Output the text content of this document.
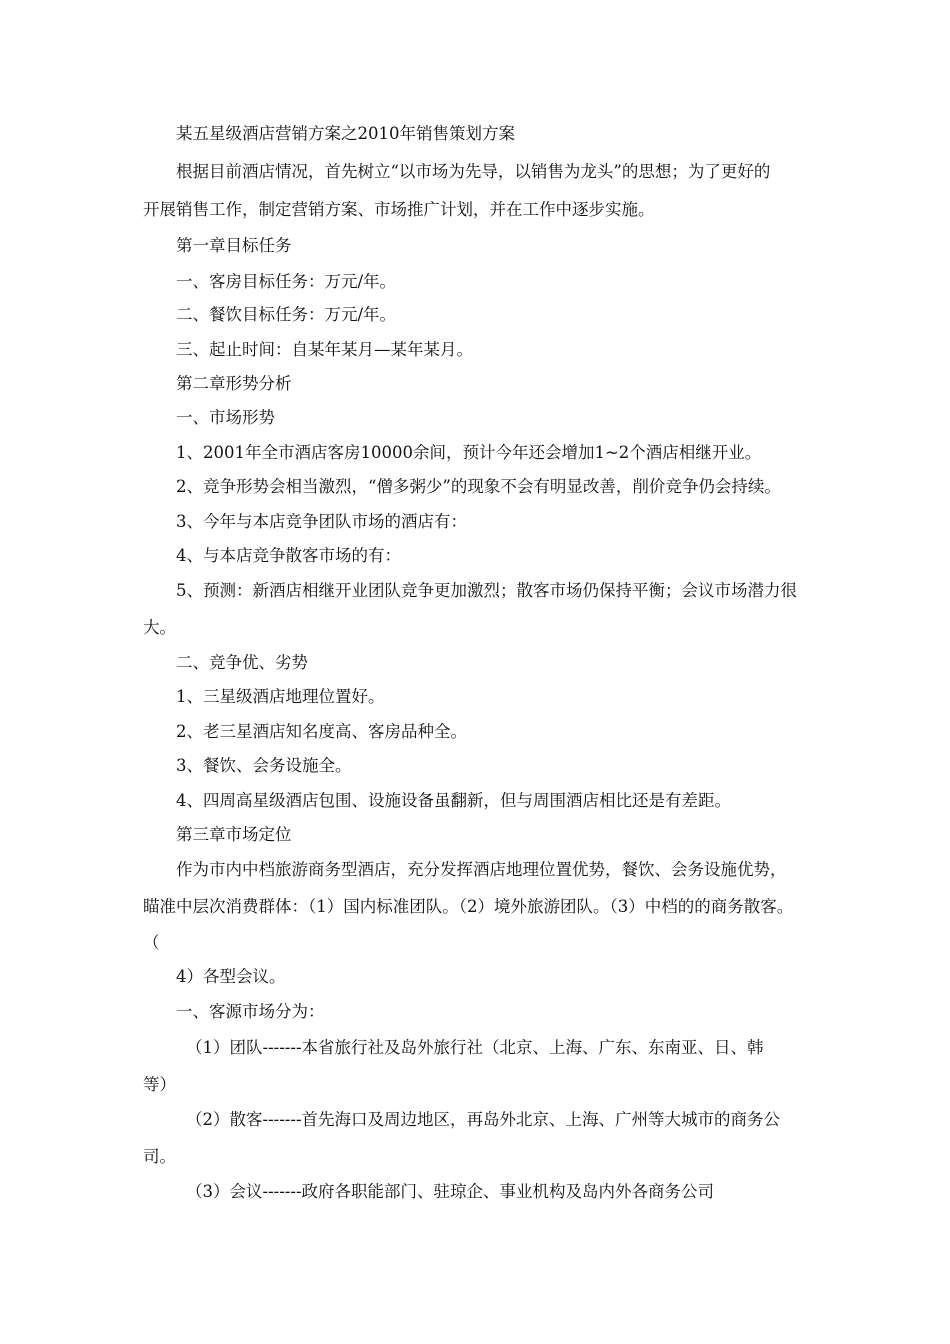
某五星级酒店营销方案之2010年销售策划方案
根据目前酒店情况，首先树立“以市场为先导，以销售为龙头”的思想；为了更好的
开展销售工作，制定营销方案、市场推广计划，并在工作中逐步实施。
第一章目标任务
一、客房目标任务：万元/年。
二、餐饮目标任务：万元/年。
三、起止时间：自某年某月—某年某月。
第二章形势分析
一、市场形势
1、2001年全市酒店客房10000余间，预计今年还会增加1~2个酒店相继开业。
2、竞争形势会相当激烈，“僧多粥少”的现象不会有明显改善，削价竞争仍会持续。
3、今年与本店竞争团队市场的酒店有：
4、与本店竞争散客市场的有：
5、预测：新酒店相继开业团队竞争更加激烈；散客市场仍保持平衡；会议市场潜力很
大。
二、竞争优、劣势
1、三星级酒店地理位置好。
2、老三星酒店知名度高、客房品种全。
3、餐饮、会务设施全。
4、四周高星级酒店包围、设施设备虽翻新，但与周围酒店相比还是有差距。
第三章市场定位
作为市内中档旅游商务型酒店，充分发挥酒店地理位置优势，餐饮、会务设施优势，
瞄准中层次消费群体：（1）国内标准团队。（2）境外旅游团队。（3）中档的的商务散客。
（
4）各型会议。
一、客源市场分为：
（1）团队-------本省旅行社及岛外旅行社（北京、上海、广东、东南亚、日、韩
等）
（2）散客-------首先海口及周边地区，再岛外北京、上海、广州等大城市的商务公
司。
（3）会议-------政府各职能部门、驻琼企、事业机构及岛内外各商务公司
